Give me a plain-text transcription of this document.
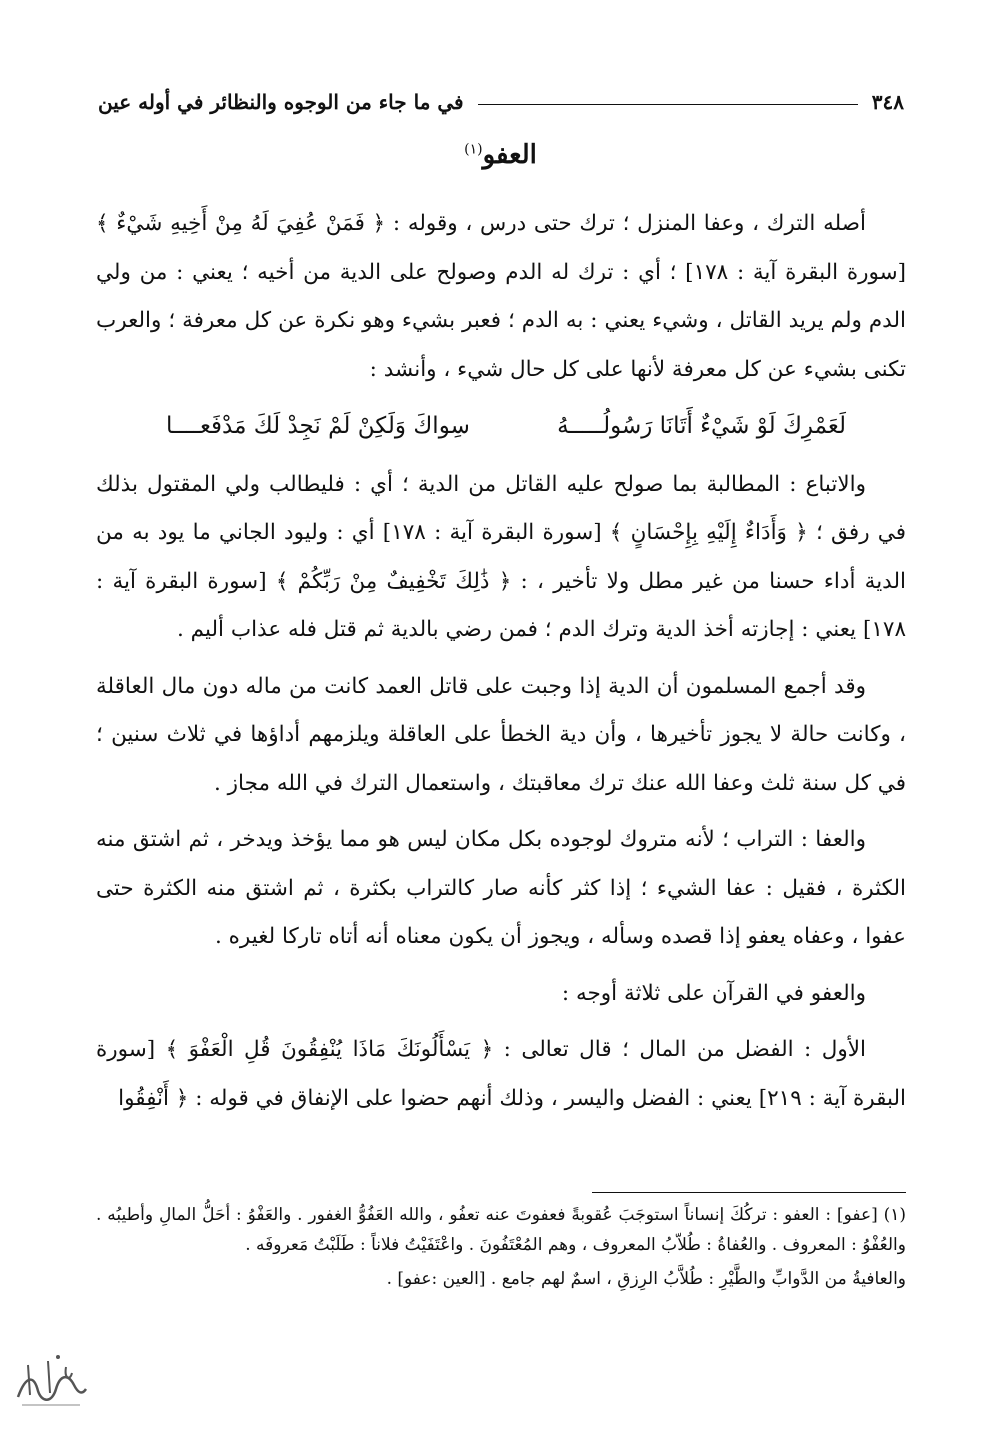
٣٤٨
في ما جاء من الوجوه والنظائر في أوله عين
العفو$^{(١)}$

أصله الترك ، وعفا المنزل ؛ ترك حتى درس ، وقوله : ﴿ فَمَنْ عُفِيَ لَهُ مِنْ أَخِيهِ شَيْءٌ ﴾ [سورة البقرة آية : ١٧٨] ؛ أي : ترك له الدم وصولح على الدية من أخيه ؛ يعني : من ولي الدم ولم يريد القاتل ، وشيء يعني : به الدم ؛ فعبر بشيء وهو نكرة عن كل معرفة ؛ والعرب تكنى بشيء عن كل معرفة لأنها على كل حال شيء ، وأنشد :

لَعَمْرِكَ لَوْ شَيْءٌ أَتَانَا رَسُولُـــــهُ
سِواكَ وَلَكِنْ لَمْ نَجِدْ لَكَ مَدْفَعــــا

والاتباع : المطالبة بما صولح عليه القاتل من الدية ؛ أي : فليطالب ولي المقتول بذلك في رفق ؛ ﴿ وَأَدَاءٌ إِلَيْهِ بِإِحْسَانٍ ﴾ [سورة البقرة آية : ١٧٨] أي : وليود الجاني ما يود به من الدية أداء حسنا من غير مطل ولا تأخير ، : ﴿ ذَٰلِكَ تَخْفِيفٌ مِنْ رَبِّكُمْ ﴾ [سورة البقرة آية : ١٧٨] يعني : إجازته أخذ الدية وترك الدم ؛ فمن رضي بالدية ثم قتل فله عذاب أليم .

وقد أجمع المسلمون أن الدية إذا وجبت على قاتل العمد كانت من ماله دون مال العاقلة ، وكانت حالة لا يجوز تأخيرها ، وأن دية الخطأ على العاقلة ويلزمهم أداؤها في ثلاث سنين ؛ في كل سنة ثلث وعفا الله عنك ترك معاقبتك ، واستعمال الترك في الله مجاز .

والعفا : التراب ؛ لأنه متروك لوجوده بكل مكان ليس هو مما يؤخذ ويدخر ، ثم اشتق منه الكثرة ، فقيل : عفا الشيء ؛ إذا كثر كأنه صار كالتراب بكثرة ، ثم اشتق منه الكثرة حتى عفوا ، وعفاه يعفو إذا قصده وسأله ، ويجوز أن يكون معناه أنه أتاه تاركا لغيره .

والعفو في القرآن على ثلاثة أوجه :

الأول : الفضل من المال ؛ قال تعالى : ﴿ يَسْأَلُونَكَ مَاذَا يُنْفِقُونَ قُلِ الْعَفْوَ ﴾ [سورة البقرة آية : ٢١٩] يعني : الفضل واليسر ، وذلك أنهم حضوا على الإنفاق في قوله : ﴿ أَنْفِقُوا

(١) [عفو] : العفو : تركُكَ إنساناً استوجَبَ عُقوبةً فعفوتَ عنه تعفُو ، والله العَفُوُّ الغفور . والعَفْوُ : أحَلُّ المالِ وأطيبُه . والعُفْوُ : المعروف . والعُفاةُ : طُلاّبُ المعروف ، وهم المُعْتَفُونَ . واعْتَفَيْتُ فلاناً : طَلَبْتُ مَعروفَه .

والعافيةُ من الدَّوابِّ والطَّيْرِ : طُلاَّبُ الرِزقِ ، اسمٌ لهم جامع . [العين :عفو] .
